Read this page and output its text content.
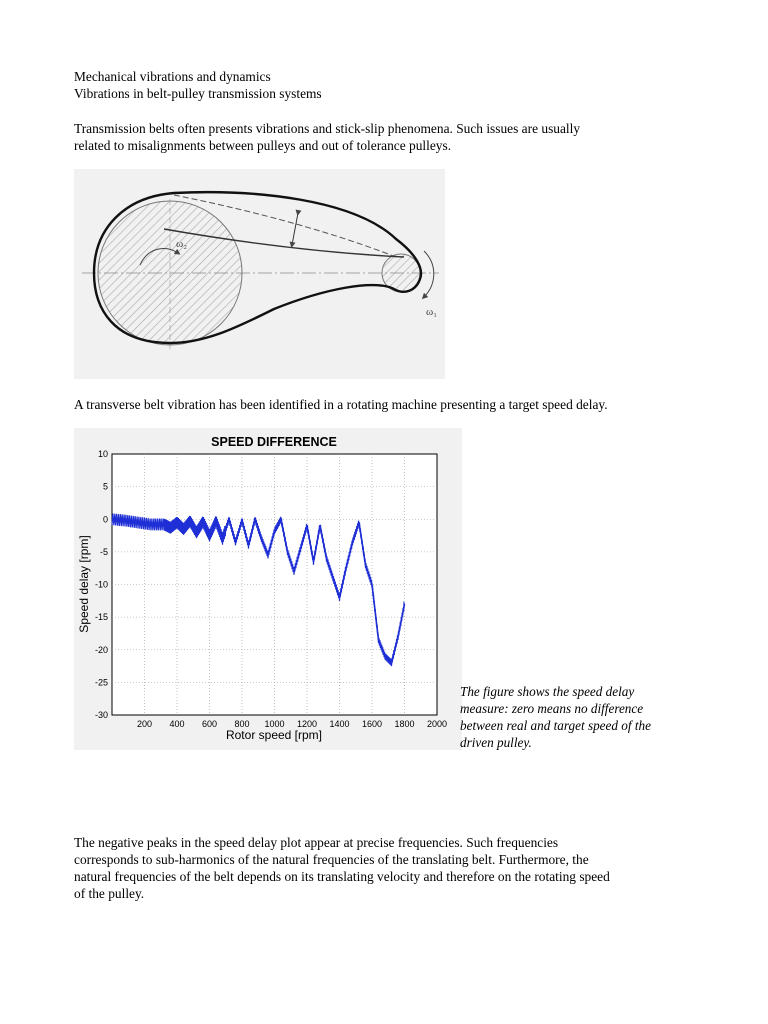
Mechanical vibrations and dynamics
Vibrations in belt-pulley transmission systems
Transmission belts often presents vibrations and stick-slip phenomena. Such issues are usually
related to misalignments between pulleys and out of tolerance pulleys.
ω₂
ω₁
A transverse belt vibration has been identified in a rotating machine presenting a target speed delay.
SPEED DIFFERENCE
200 400 600 800 1000 1200 1400 1600 1800 2000
10
5
0
-5
-10
-15
-20
-25
-30
Rotor speed [rpm]
Speed delay [rpm]
The figure shows the speed delay
measure: zero means no difference
between real and target speed of the
driven pulley.
The negative peaks in the speed delay plot appear at precise frequencies. Such frequencies
corresponds to sub-harmonics of the natural frequencies of the translating belt. Furthermore, the
natural frequencies of the belt depends on its translating velocity and therefore on the rotating speed
of the pulley.
